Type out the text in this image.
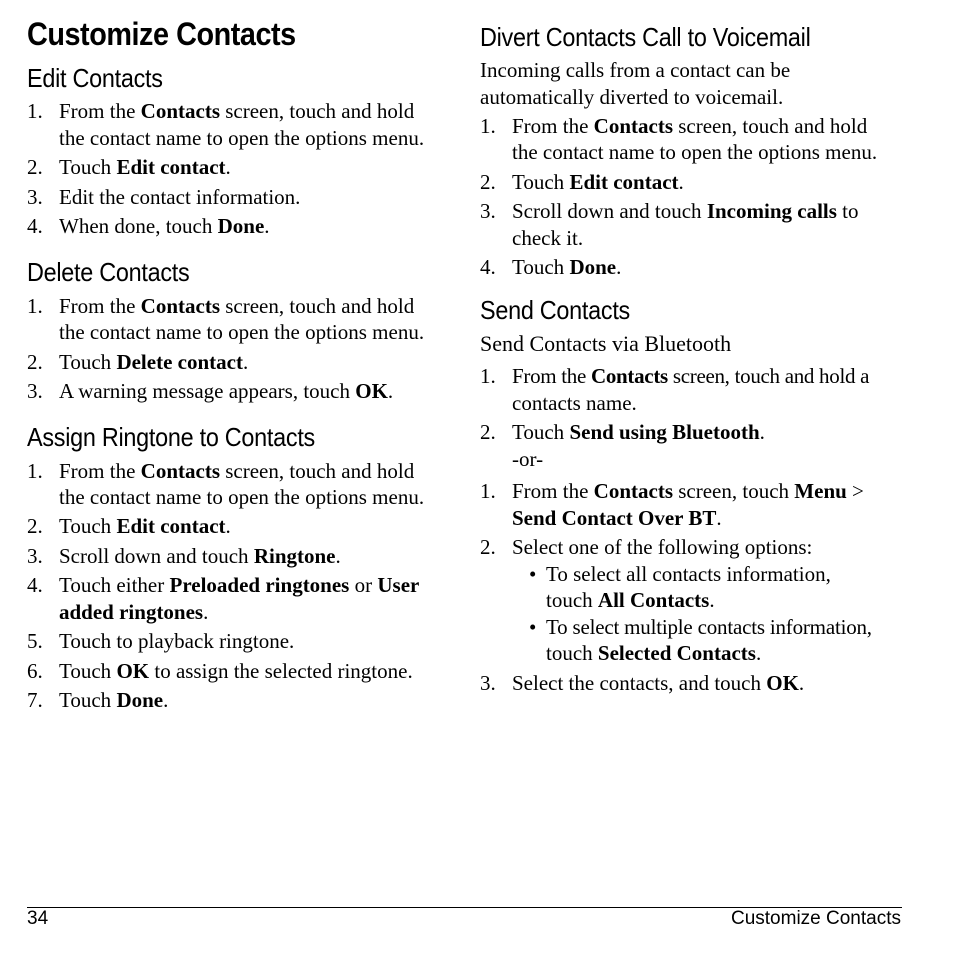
Customize Contacts
Edit Contacts
1. From the Contacts screen, touch and hold
the contact name to open the options menu.
2. Touch Edit contact.
3. Edit the contact information.
4. When done, touch Done.
Delete Contacts
1. From the Contacts screen, touch and hold
the contact name to open the options menu.
2. Touch Delete contact.
3. A warning message appears, touch OK.
Assign Ringtone to Contacts
1. From the Contacts screen, touch and hold
the contact name to open the options menu.
2. Touch Edit contact.
3. Scroll down and touch Ringtone.
4. Touch either Preloaded ringtones or User
added ringtones.
5. Touch to playback ringtone.
6. Touch OK to assign the selected ringtone.
7. Touch Done.
Divert Contacts Call to Voicemail
Incoming calls from a contact can be
automatically diverted to voicemail.
1. From the Contacts screen, touch and hold
the contact name to open the options menu.
2. Touch Edit contact.
3. Scroll down and touch Incoming calls to
check it.
4. Touch Done.
Send Contacts
Send Contacts via Bluetooth
1. From the Contacts screen, touch and hold a
contacts name.
2. Touch Send using Bluetooth.
-or-
1. From the Contacts screen, touch Menu >
Send Contact Over BT.
2. Select one of the following options:
• To select all contacts information,
touch All Contacts.
• To select multiple contacts information,
touch Selected Contacts.
3. Select the contacts, and touch OK.
34	Customize Contacts
